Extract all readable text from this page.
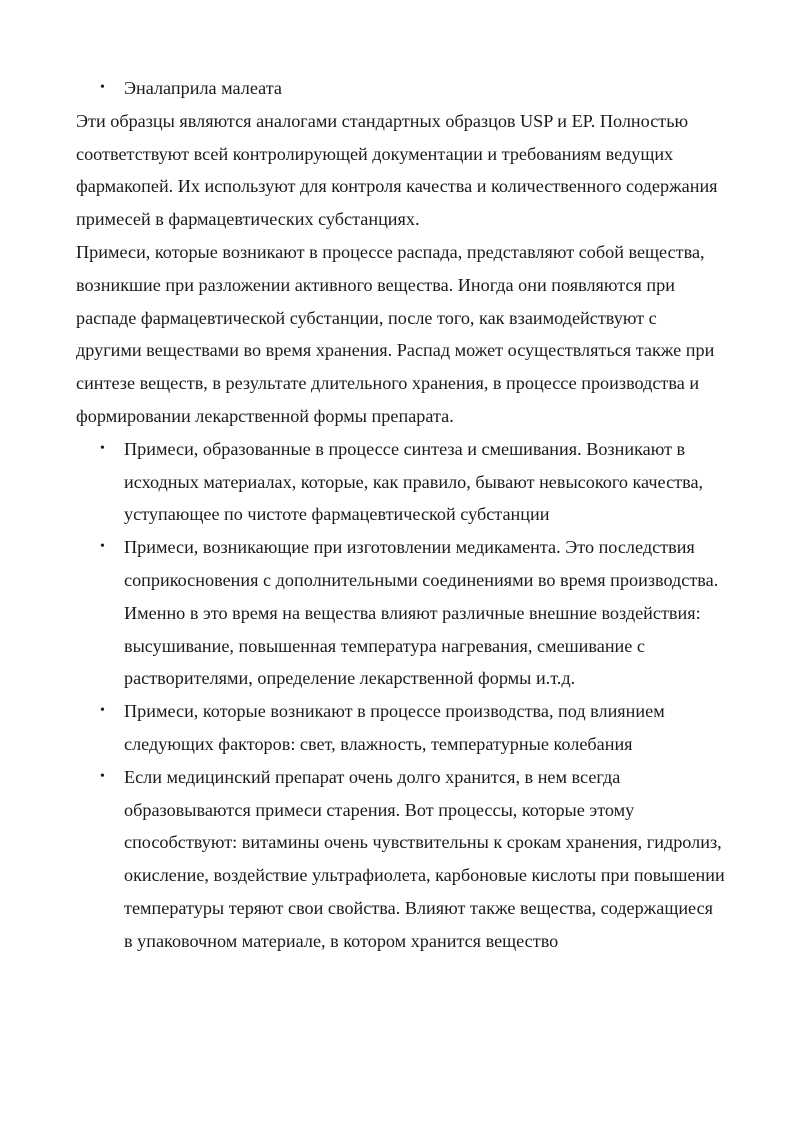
• Эналаприла малеата

Эти образцы являются аналогами стандартных образцов USP и EP. Полностью соответствуют всей контролирующей документации и требованиям ведущих фармакопей. Их используют для контроля качества и количественного содержания примесей в фармацевтических субстанциях.

Примеси, которые возникают в процессе распада, представляют собой вещества, возникшие при разложении активного вещества. Иногда они появляются при распаде фармацевтической субстанции, после того, как взаимодействуют с другими веществами во время хранения. Распад может осуществляться также при синтезе веществ, в результате длительного хранения, в процессе производства и формировании лекарственной формы препарата.

• Примеси, образованные в процессе синтеза и смешивания. Возникают в исходных материалах, которые, как правило, бывают невысокого качества, уступающее по чистоте фармацевтической субстанции
• Примеси, возникающие при изготовлении медикамента. Это последствия соприкосновения с дополнительными соединениями во время производства. Именно в это время на вещества влияют различные внешние воздействия: высушивание, повышенная температура нагревания, смешивание с растворителями, определение лекарственной формы и.т.д.
• Примеси, которые возникают в процессе производства, под влиянием следующих факторов: свет, влажность, температурные колебания
• Если медицинский препарат очень долго хранится, в нем всегда образовываются примеси старения. Вот процессы, которые этому способствуют: витамины очень чувствительны к срокам хранения, гидролиз, окисление, воздействие ультрафиолета, карбоновые кислоты при повышении температуры теряют свои свойства. Влияют также вещества, содержащиеся в упаковочном материале, в котором хранится вещество
